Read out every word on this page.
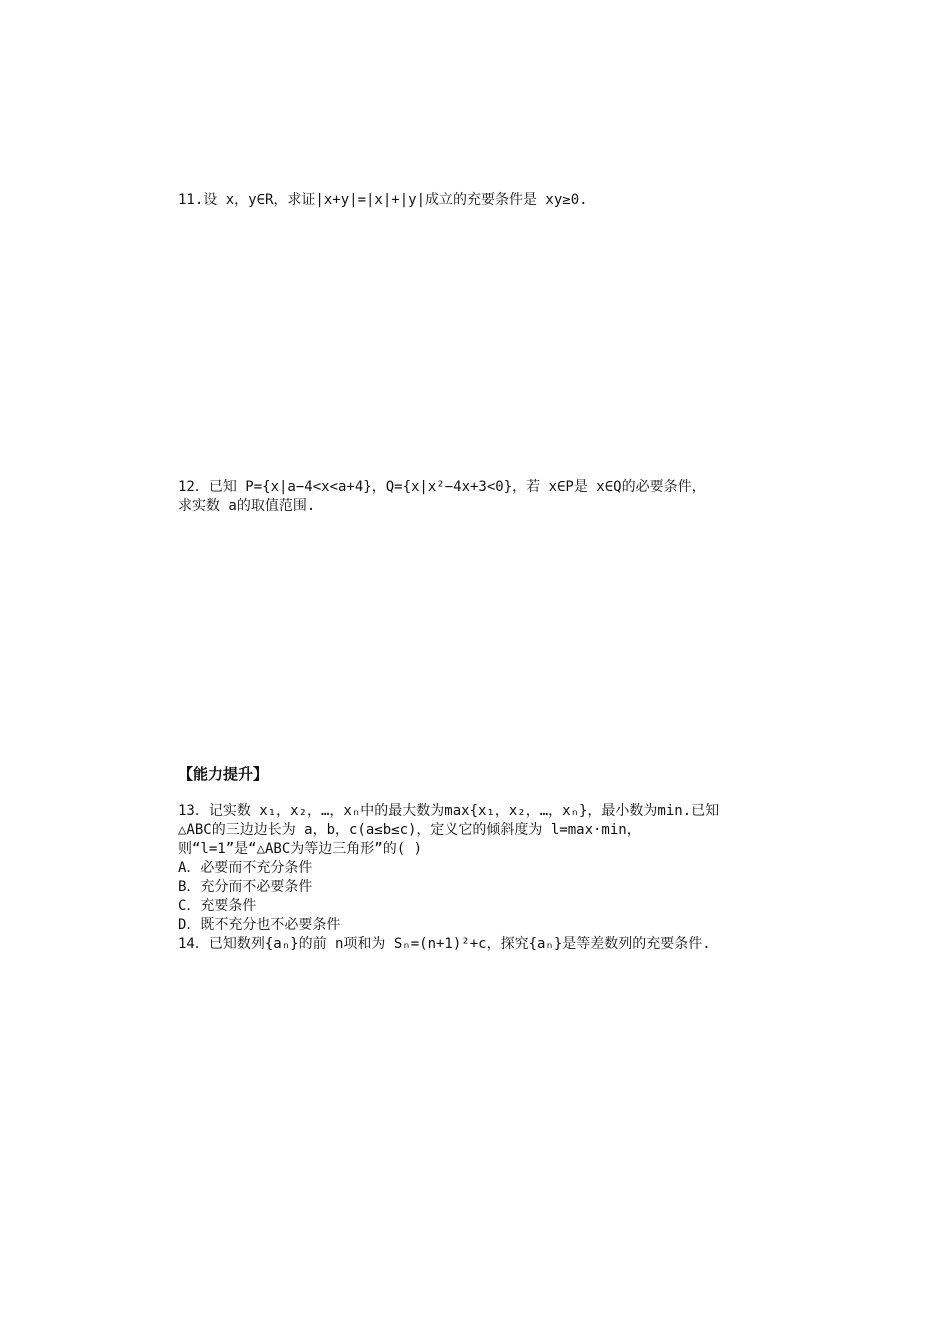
11.设 x，y∈R，求证|x+y|=|x|+|y|成立的充要条件是 xy≥0.
12．已知 P={x|a−4<x<a+4}，Q={x|x²−4x+3<0}，若 x∈P是 x∈Q的必要条件，
求实数 a的取值范围.
【能力提升】
13．记实数 x₁，x₂，…，xₙ中的最大数为max{x₁，x₂，…，xₙ}，最小数为min.已知
△ABC的三边边长为 a，b，c(a≤b≤c)，定义它的倾斜度为 l=max·min，
则“l=1”是“△ABC为等边三角形”的( )
A．必要而不充分条件
B．充分而不必要条件
C．充要条件
D．既不充分也不必要条件
14．已知数列{aₙ}的前 n项和为 Sₙ=(n+1)²+c，探究{aₙ}是等差数列的充要条件.
